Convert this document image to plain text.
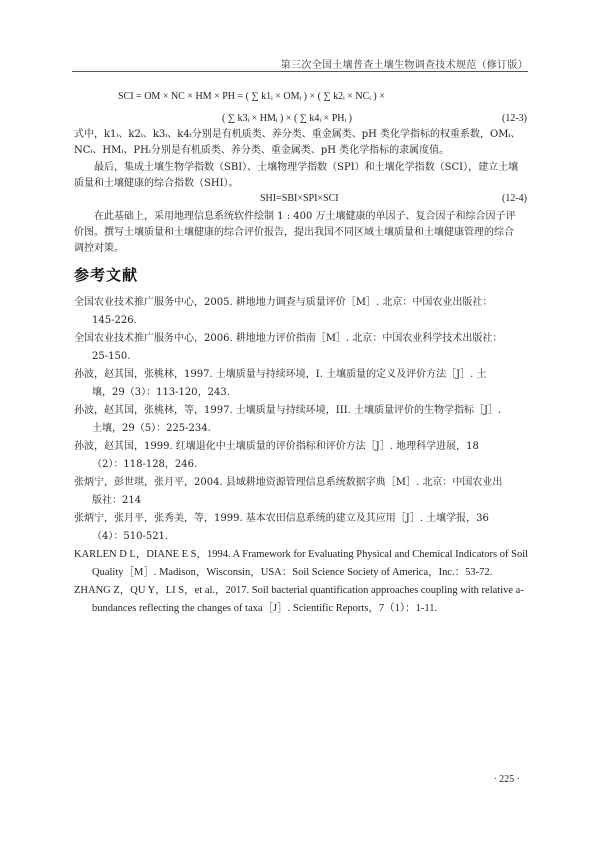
第三次全国土壤普查土壤生物调查技术规范（修订版）
SCI = OM × NC × HM × PH = ( ∑ k1ᵢ × OMᵢ ) × ( ∑ k2ᵢ × NCᵢ ) ×
( ∑ k3ᵢ × HMᵢ ) × ( ∑ k4ᵢ × PHᵢ )	(12-3)
式中，k1ᵢ、k2ᵢ、k3ᵢ、k4ᵢ分别是有机质类、养分类、重金属类、pH 类化学指标的权重系数，OMᵢ、
NCᵢ、HMᵢ、PHᵢ分别是有机质类、养分类、重金属类、pH 类化学指标的隶属度值。
最后，集成土壤生物学指数（SBI）、土壤物理学指数（SPI）和土壤化学指数（SCI），建立土壤
质量和土壤健康的综合指数（SHI）。
SHI=SBI×SPI×SCI	(12-4)
在此基础上，采用地理信息系统软件绘制 1 : 400 万土壤健康的单因子、复合因子和综合因子评
价图。撰写土壤质量和土壤健康的综合评价报告，提出我国不同区域土壤质量和土壤健康管理的综合
调控对策。
参考文献
全国农业技术推广服务中心，2005. 耕地地力调查与质量评价［M］. 北京：中国农业出版社：
145-226.
全国农业技术推广服务中心，2006. 耕地地力评价指南［M］. 北京：中国农业科学技术出版社：
25-150.
孙波，赵其国，张桃林，1997. 土壤质量与持续环境，I. 土壤质量的定义及评价方法［J］. 土
壤，29（3）：113-120，243.
孙波，赵其国，张桃林，等，1997. 土壤质量与持续环境，III. 土壤质量评价的生物学指标［J］.
土壤，29（5）：225-234.
孙波，赵其国，1999. 红壤退化中土壤质量的评价指标和评价方法［J］. 地理科学进展，18
（2）：118-128，246.
张炳宁，彭世琪，张月平，2004. 县域耕地资源管理信息系统数据字典［M］. 北京：中国农业出
版社：214
张炳宁，张月平，张秀美，等，1999. 基本农田信息系统的建立及其应用［J］. 土壤学报，36
（4）：510-521.
KARLEN D L，DIANE E S，1994. A Framework for Evaluating Physical and Chemical Indicators of Soil
Quality［M］. Madison，Wisconsin，USA：Soil Science Society of America，Inc.：53-72.
ZHANG Z，QU Y，LI S，et al.，2017. Soil bacterial quantification approaches coupling with relative a-
bundances reflecting the changes of taxa［J］. Scientific Reports，7（1）：1-11.
· 225 ·
